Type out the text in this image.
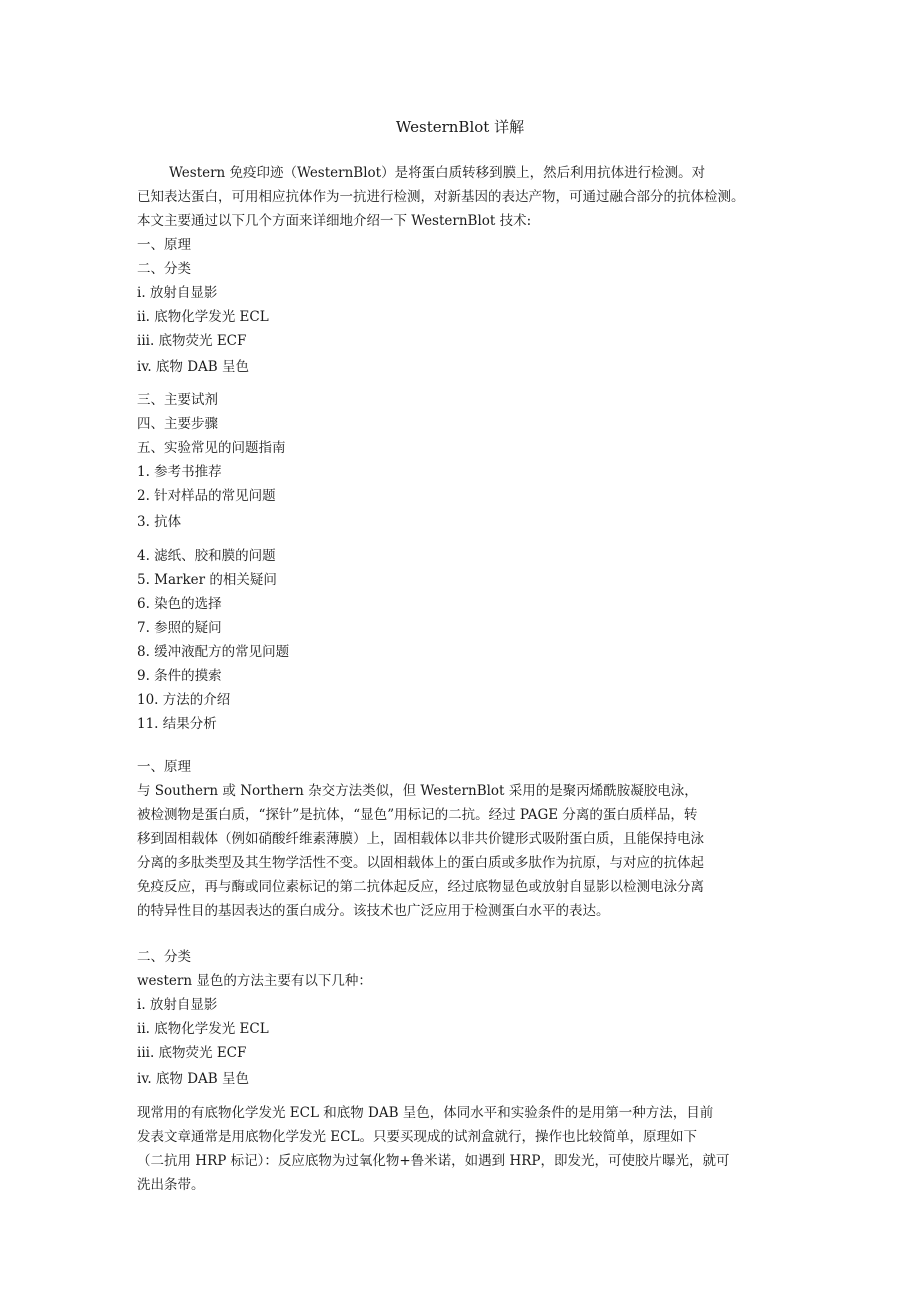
WesternBlot 详解
Western 免疫印迹（WesternBlot）是将蛋白质转移到膜上，然后利用抗体进行检测。对
已知表达蛋白，可用相应抗体作为一抗进行检测，对新基因的表达产物，可通过融合部分的抗体检测。
本文主要通过以下几个方面来详细地介绍一下 WesternBlot 技术:
一、原理
二、分类
i. 放射自显影
ii. 底物化学发光 ECL
iii. 底物荧光 ECF
iv. 底物 DAB 呈色
三、主要试剂
四、主要步骤
五、实验常见的问题指南
1. 参考书推荐
2. 针对样品的常见问题
3. 抗体
4. 滤纸、胶和膜的问题
5. Marker 的相关疑问
6. 染色的选择
7. 参照的疑问
8. 缓冲液配方的常见问题
9. 条件的摸索
10. 方法的介绍
11. 结果分析
一、原理
与 Southern 或 Northern 杂交方法类似，但 WesternBlot 采用的是聚丙烯酰胺凝胶电泳，
被检测物是蛋白质，“探针”是抗体，“显色”用标记的二抗。经过 PAGE 分离的蛋白质样品，转
移到固相载体（例如硝酸纤维素薄膜）上，固相载体以非共价键形式吸附蛋白质，且能保持电泳
分离的多肽类型及其生物学活性不变。以固相载体上的蛋白质或多肽作为抗原，与对应的抗体起
免疫反应，再与酶或同位素标记的第二抗体起反应，经过底物显色或放射自显影以检测电泳分离
的特异性目的基因表达的蛋白成分。该技术也广泛应用于检测蛋白水平的表达。
二、分类
western 显色的方法主要有以下几种：
i. 放射自显影
ii. 底物化学发光 ECL
iii. 底物荧光 ECF
iv. 底物 DAB 呈色
现常用的有底物化学发光 ECL 和底物 DAB 呈色，体同水平和实验条件的是用第一种方法，目前
发表文章通常是用底物化学发光 ECL。只要买现成的试剂盒就行，操作也比较简单，原理如下
（二抗用 HRP 标记）：反应底物为过氧化物+鲁米诺，如遇到 HRP，即发光，可使胶片曝光，就可
洗出条带。
